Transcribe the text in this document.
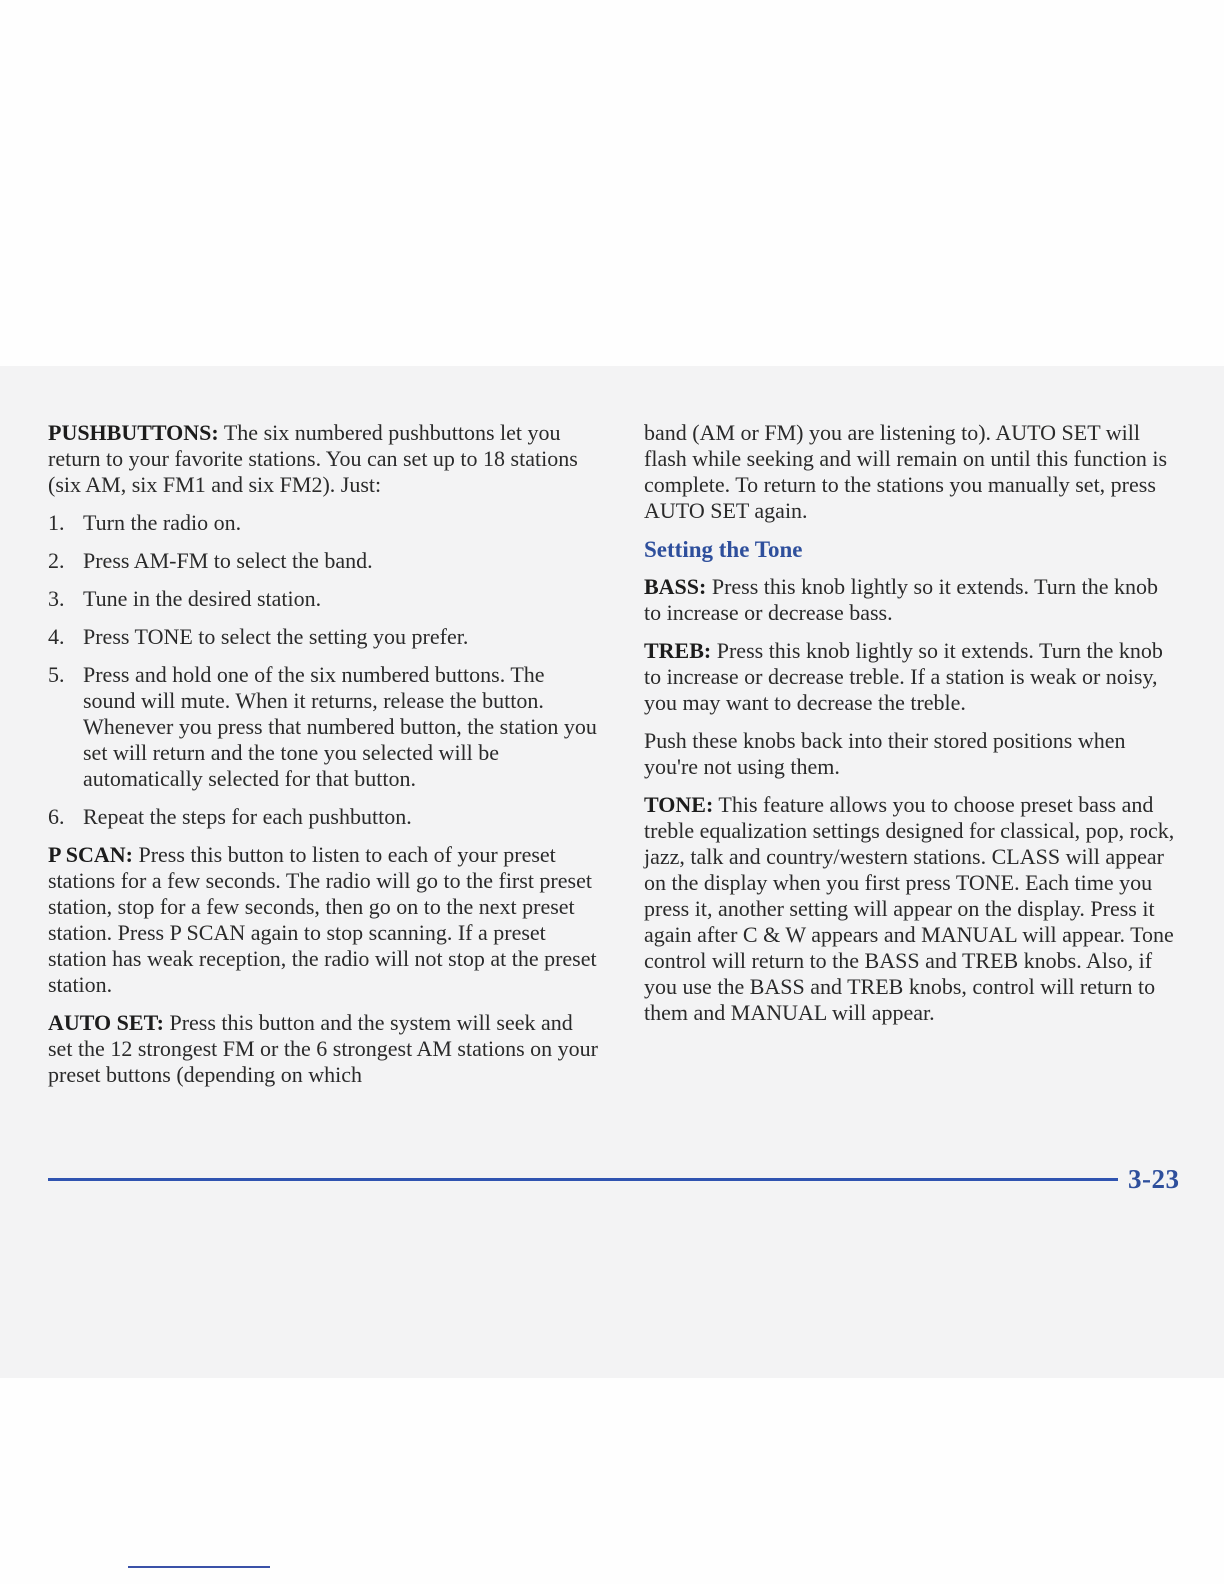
PUSHBUTTONS: The six numbered pushbuttons let you return to your favorite stations. You can set up to 18 stations (six AM, six FM1 and six FM2). Just:

1. Turn the radio on.
2. Press AM-FM to select the band.
3. Tune in the desired station.
4. Press TONE to select the setting you prefer.
5. Press and hold one of the six numbered buttons. The sound will mute. When it returns, release the button. Whenever you press that numbered button, the station you set will return and the tone you selected will be automatically selected for that button.
6. Repeat the steps for each pushbutton.

P SCAN: Press this button to listen to each of your preset stations for a few seconds. The radio will go to the first preset station, stop for a few seconds, then go on to the next preset station. Press P SCAN again to stop scanning. If a preset station has weak reception, the radio will not stop at the preset station.

AUTO SET: Press this button and the system will seek and set the 12 strongest FM or the 6 strongest AM stations on your preset buttons (depending on which

band (AM or FM) you are listening to). AUTO SET will flash while seeking and will remain on until this function is complete. To return to the stations you manually set, press AUTO SET again.

Setting the Tone

BASS: Press this knob lightly so it extends. Turn the knob to increase or decrease bass.

TREB: Press this knob lightly so it extends. Turn the knob to increase or decrease treble. If a station is weak or noisy, you may want to decrease the treble.

Push these knobs back into their stored positions when you're not using them.

TONE: This feature allows you to choose preset bass and treble equalization settings designed for classical, pop, rock, jazz, talk and country/western stations. CLASS will appear on the display when you first press TONE. Each time you press it, another setting will appear on the display. Press it again after C & W appears and MANUAL will appear. Tone control will return to the BASS and TREB knobs. Also, if you use the BASS and TREB knobs, control will return to them and MANUAL will appear.

3-23
